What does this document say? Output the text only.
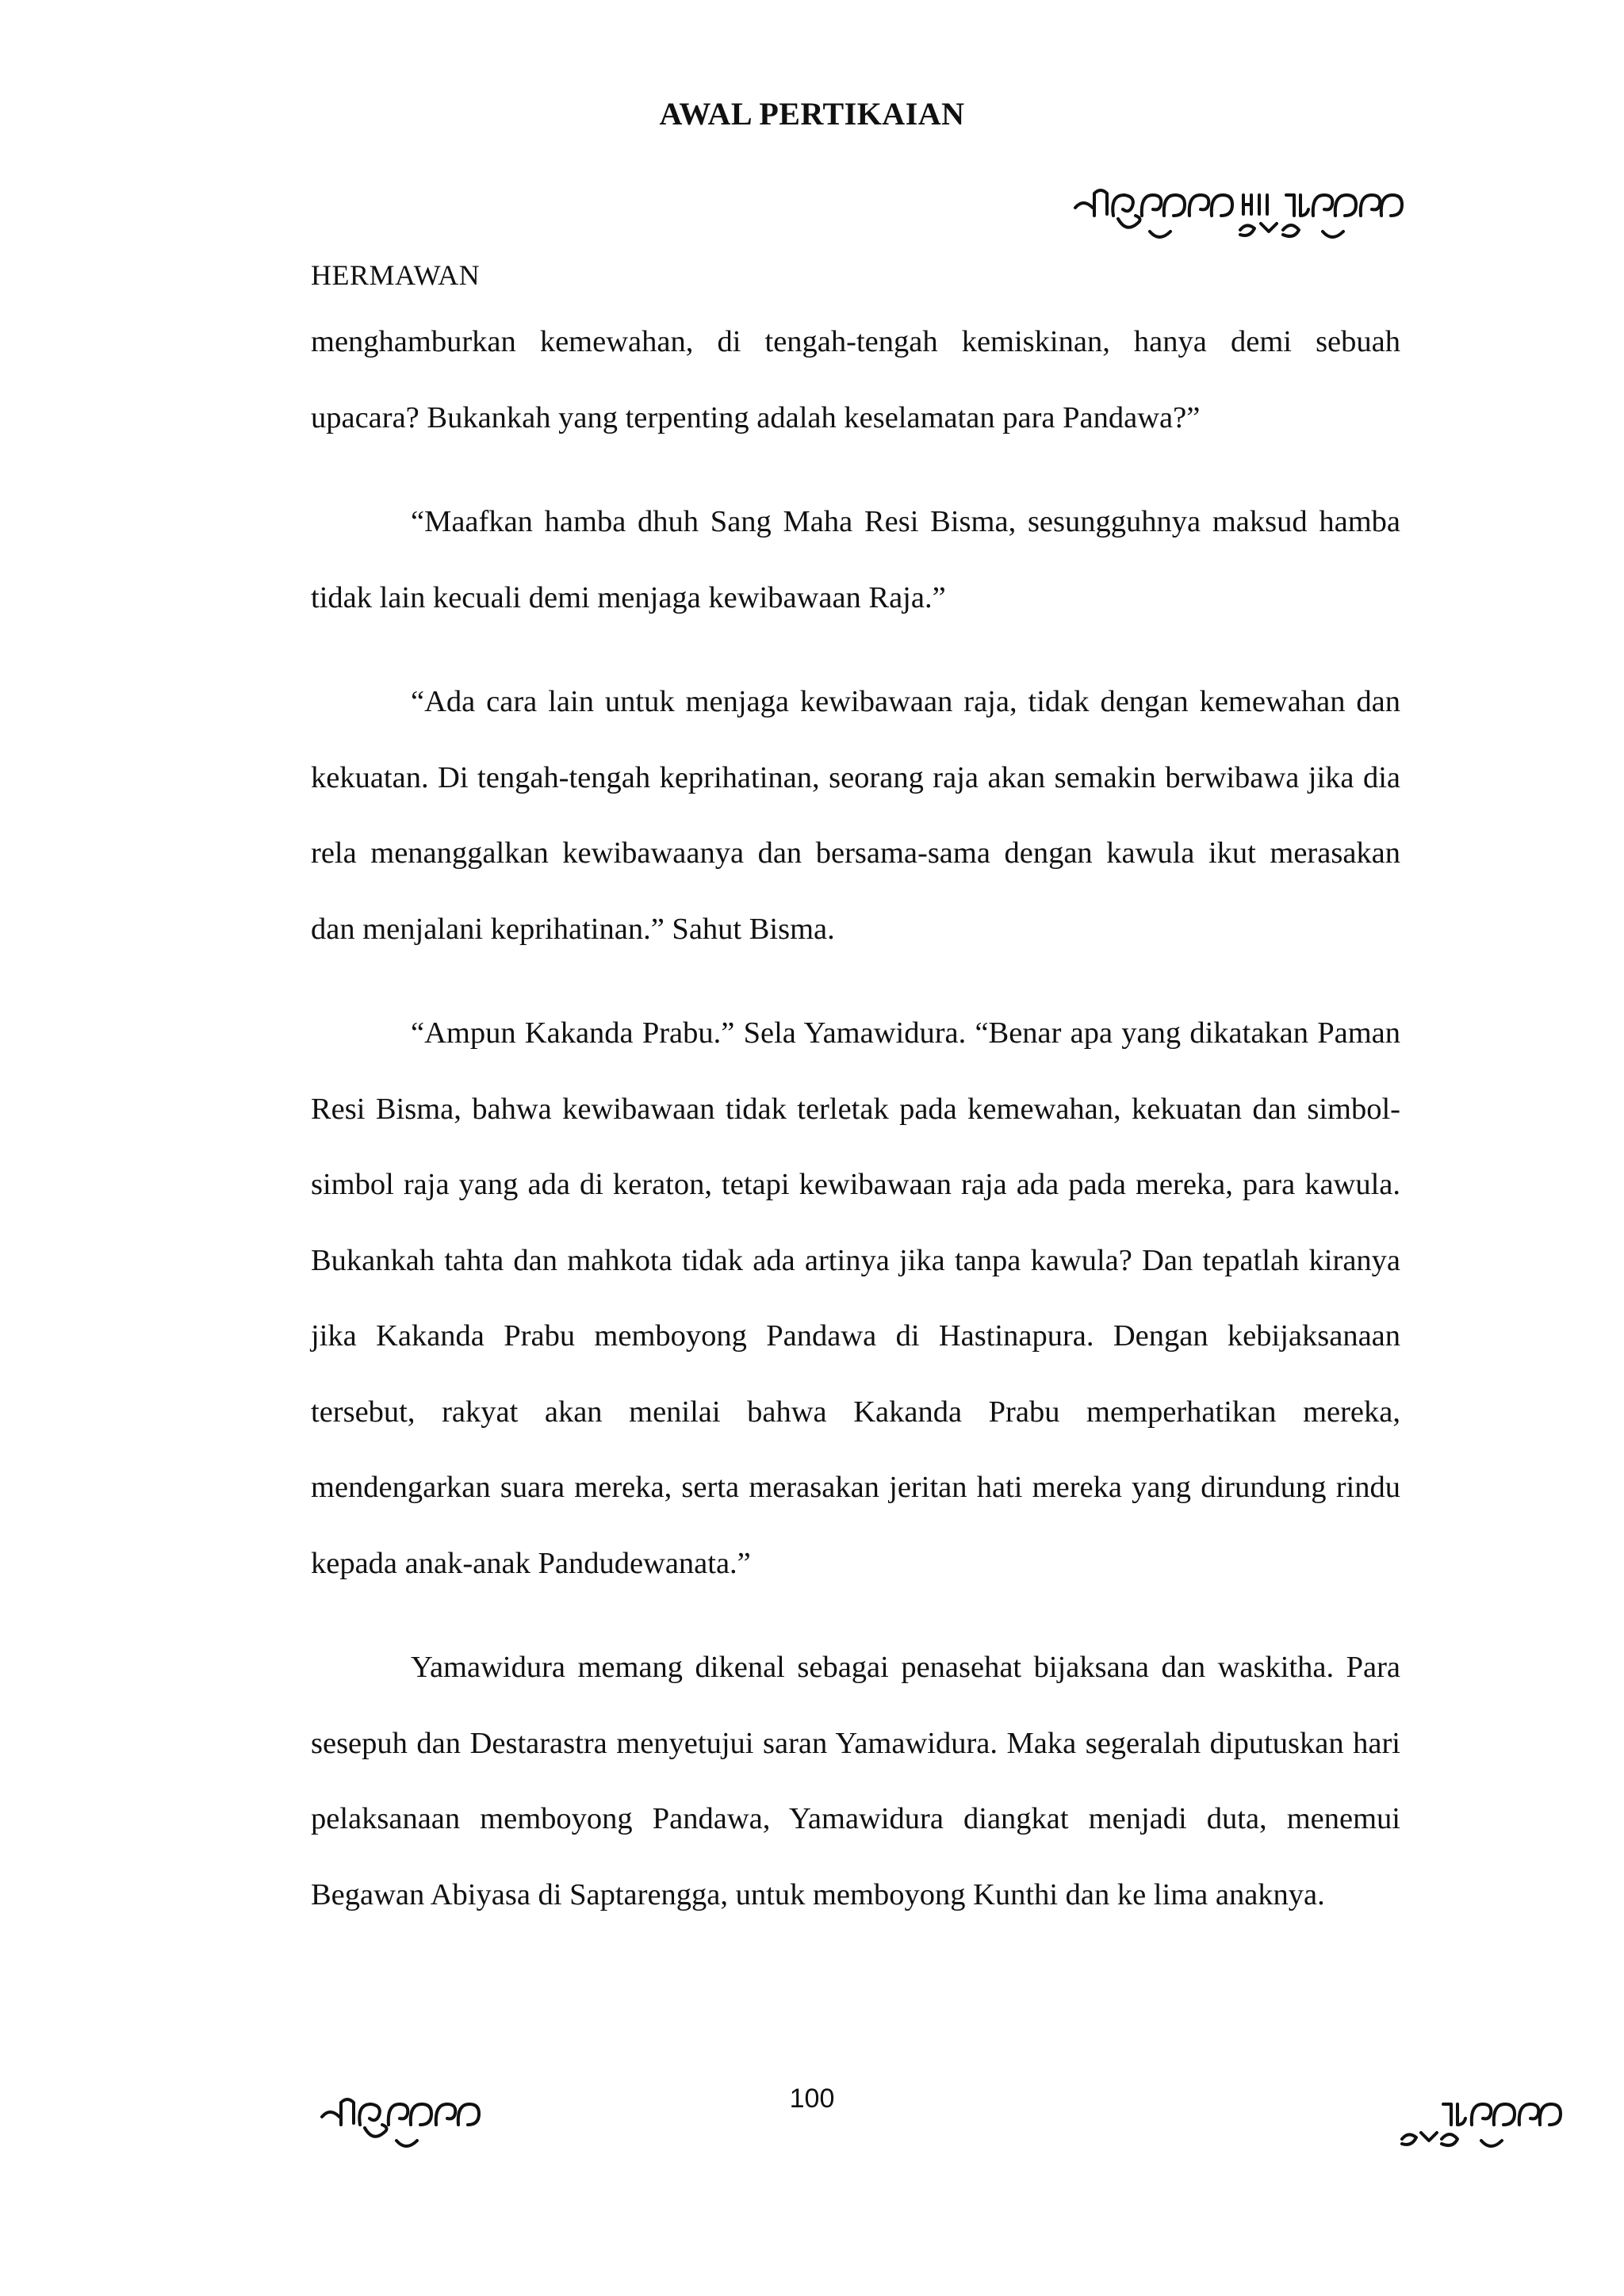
AWAL PERTIKAIAN
HERMAWAN

menghamburkan kemewahan, di tengah-tengah kemiskinan, hanya demi sebuah upacara? Bukankah yang terpenting adalah keselamatan para Pandawa?”

“Maafkan hamba dhuh Sang Maha Resi Bisma, sesungguhnya maksud hamba tidak lain kecuali demi menjaga kewibawaan Raja.”

“Ada cara lain untuk menjaga kewibawaan raja, tidak dengan kemewahan dan kekuatan. Di tengah-tengah keprihatinan, seorang raja akan semakin berwibawa jika dia rela menanggalkan kewibawaanya dan bersama-sama dengan kawula ikut merasakan dan menjalani keprihatinan.” Sahut Bisma.

“Ampun Kakanda Prabu.” Sela Yamawidura. “Benar apa yang dikatakan Paman Resi Bisma, bahwa kewibawaan tidak terletak pada kemewahan, kekuatan dan simbol-simbol raja yang ada di keraton, tetapi kewibawaan raja ada pada mereka, para kawula. Bukankah tahta dan mahkota tidak ada artinya jika tanpa kawula? Dan tepatlah kiranya jika Kakanda Prabu memboyong Pandawa di Hastinapura. Dengan kebijaksanaan tersebut, rakyat akan menilai bahwa Kakanda Prabu memperhatikan mereka, mendengarkan suara mereka, serta merasakan jeritan hati mereka yang dirundung rindu kepada anak-anak Pandudewanata.”

Yamawidura memang dikenal sebagai penasehat bijaksana dan waskitha. Para sesepuh dan Destarastra menyetujui saran Yamawidura. Maka segeralah diputuskan hari pelaksanaan memboyong Pandawa, Yamawidura diangkat menjadi duta, menemui Begawan Abiyasa di Saptarengga, untuk memboyong Kunthi dan ke lima anaknya.

100
